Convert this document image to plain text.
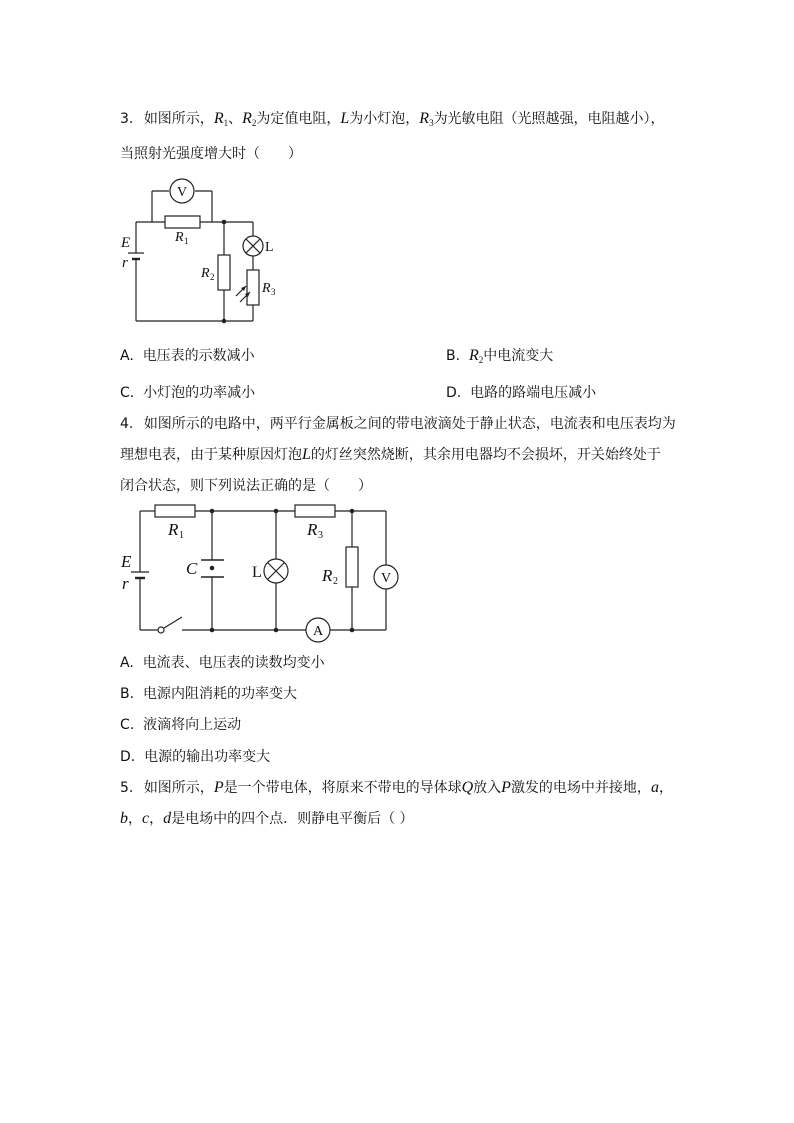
3. 如图所示，$R_1$、$R_2$为定值电阻，L为小灯泡，$R_3$为光敏电阻（光照越强，电阻越小），
当照射光强度增大时（　　）
V
R 1
E
r
R 2
L
R 3
A. 电压表的示数减小	B. $R_2$中电流变大
C. 小灯泡的功率减小	D. 电路的路端电压减小
4. 如图所示的电路中，两平行金属板之间的带电液滴处于静止状态，电流表和电压表均为
理想电表，由于某种原因灯泡L的灯丝突然烧断，其余用电器均不会损坏，开关始终处于
闭合状态，则下列说法正确的是（　　）
R 1	R 3
R 2
E
r
C	L	V
A
A. 电流表、电压表的读数均变小
B. 电源内阻消耗的功率变大
C. 液滴将向上运动
D. 电源的输出功率变大
5. 如图所示，P是一个带电体，将原来不带电的导体球Q放入P激发的电场中并接地，a，
b，c，d是电场中的四个点．则静电平衡后（ ）
